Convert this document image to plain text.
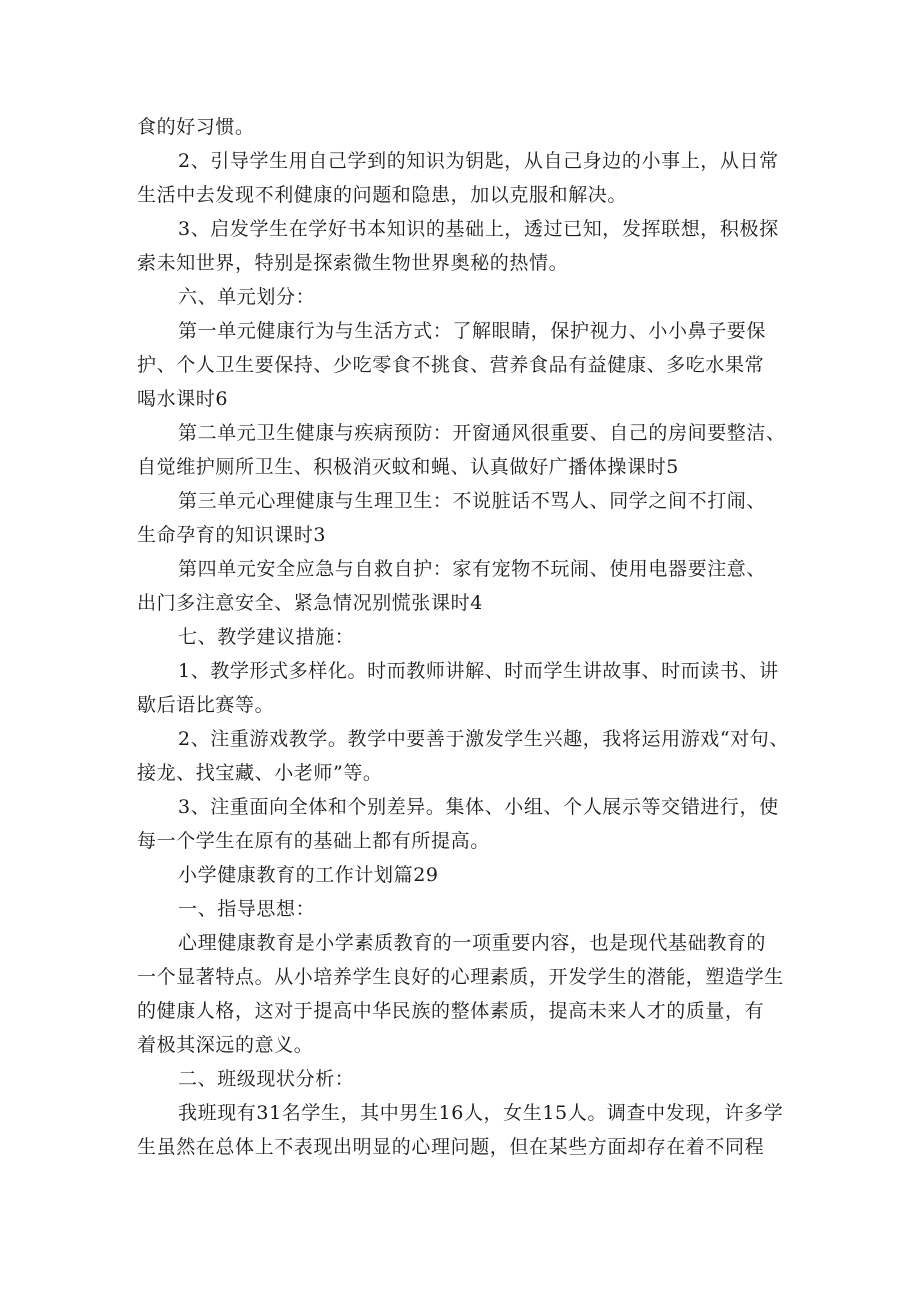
食的好习惯。
2、引导学生用自己学到的知识为钥匙，从自己身边的小事上，从日常
生活中去发现不利健康的问题和隐患，加以克服和解决。
3、启发学生在学好书本知识的基础上，透过已知，发挥联想，积极探
索未知世界，特别是探索微生物世界奥秘的热情。
六、单元划分：
第一单元健康行为与生活方式：了解眼睛，保护视力、小小鼻子要保
护、个人卫生要保持、少吃零食不挑食、营养食品有益健康、多吃水果常
喝水课时6
第二单元卫生健康与疾病预防：开窗通风很重要、自己的房间要整洁、
自觉维护厕所卫生、积极消灭蚊和蝇、认真做好广播体操课时5
第三单元心理健康与生理卫生：不说脏话不骂人、同学之间不打闹、
生命孕育的知识课时3
第四单元安全应急与自救自护：家有宠物不玩闹、使用电器要注意、
出门多注意安全、紧急情况别慌张课时4
七、教学建议措施：
1、教学形式多样化。时而教师讲解、时而学生讲故事、时而读书、讲
歇后语比赛等。
2、注重游戏教学。教学中要善于激发学生兴趣，我将运用游戏“对句、
接龙、找宝藏、小老师”等。
3、注重面向全体和个别差异。集体、小组、个人展示等交错进行，使
每一个学生在原有的基础上都有所提高。
小学健康教育的工作计划篇29
一、指导思想：
心理健康教育是小学素质教育的一项重要内容，也是现代基础教育的
一个显著特点。从小培养学生良好的心理素质，开发学生的潜能，塑造学生
的健康人格，这对于提高中华民族的整体素质，提高未来人才的质量，有
着极其深远的意义。
二、班级现状分析：
我班现有31名学生，其中男生16人，女生15人。调查中发现，许多学
生虽然在总体上不表现出明显的心理问题，但在某些方面却存在着不同程
